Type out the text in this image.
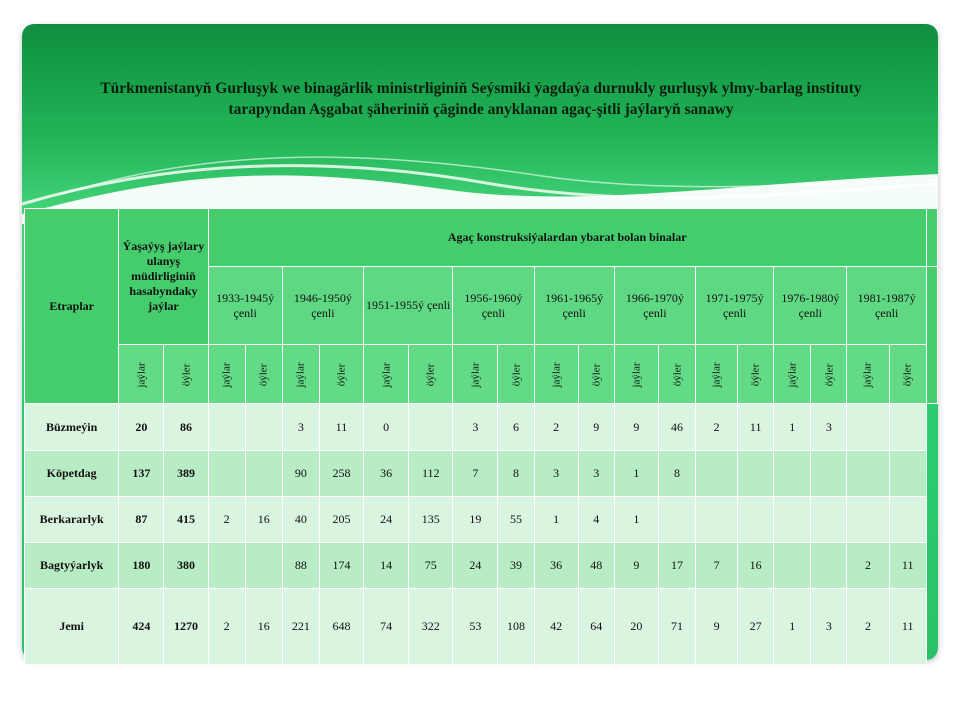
Türkmenistanyň Gurluşyk we binagärlik ministrliginiň Seýsmiki ýagdaýa durnukly gurluşyk ylmy-barlag instituty tarapyndan Aşgabat şäheriniň çäginde anyklanan agaç-şitli jaýlaryň sanawy
Etraplar	Ýaşaýyş jaýlary ulanyş müdirliginiň hasabyndaky jaýlar		Agaç konstruksiýalardan ybarat bolan binalar																		
			1933-1945ý çenli		1946-1950ý çenli		1951-1955ý çenli		1956-1960ý çenli		1961-1965ý çenli		1966-1970ý çenli		1971-1975ý çenli		1976-1980ý çenli		1981-1987ý çenli		
	jaýlar	öýler	jaýlar	öýler	jaýlar	öýler	jaýlar	öýler	jaýlar	öýler	jaýlar	öýler	jaýlar	öýler	jaýlar	öýler	jaýlar	öýler	jaýlar	öýler	
Büzmeýin	20	86			3	11	0		3	6	2	9	9	46	2	11	1	3			
Köpetdag	137	389			90	258	36	112	7	8	3	3	1	8							
Berkararlyk	87	415	2	16	40	205	24	135	19	55	1	4	1								
Bagtyýarlyk	180	380			88	174	14	75	24	39	36	48	9	17	7	16			2	11	
Jemi	424	1270	2	16	221	648	74	322	53	108	42	64	20	71	9	27	1	3	2	11	
